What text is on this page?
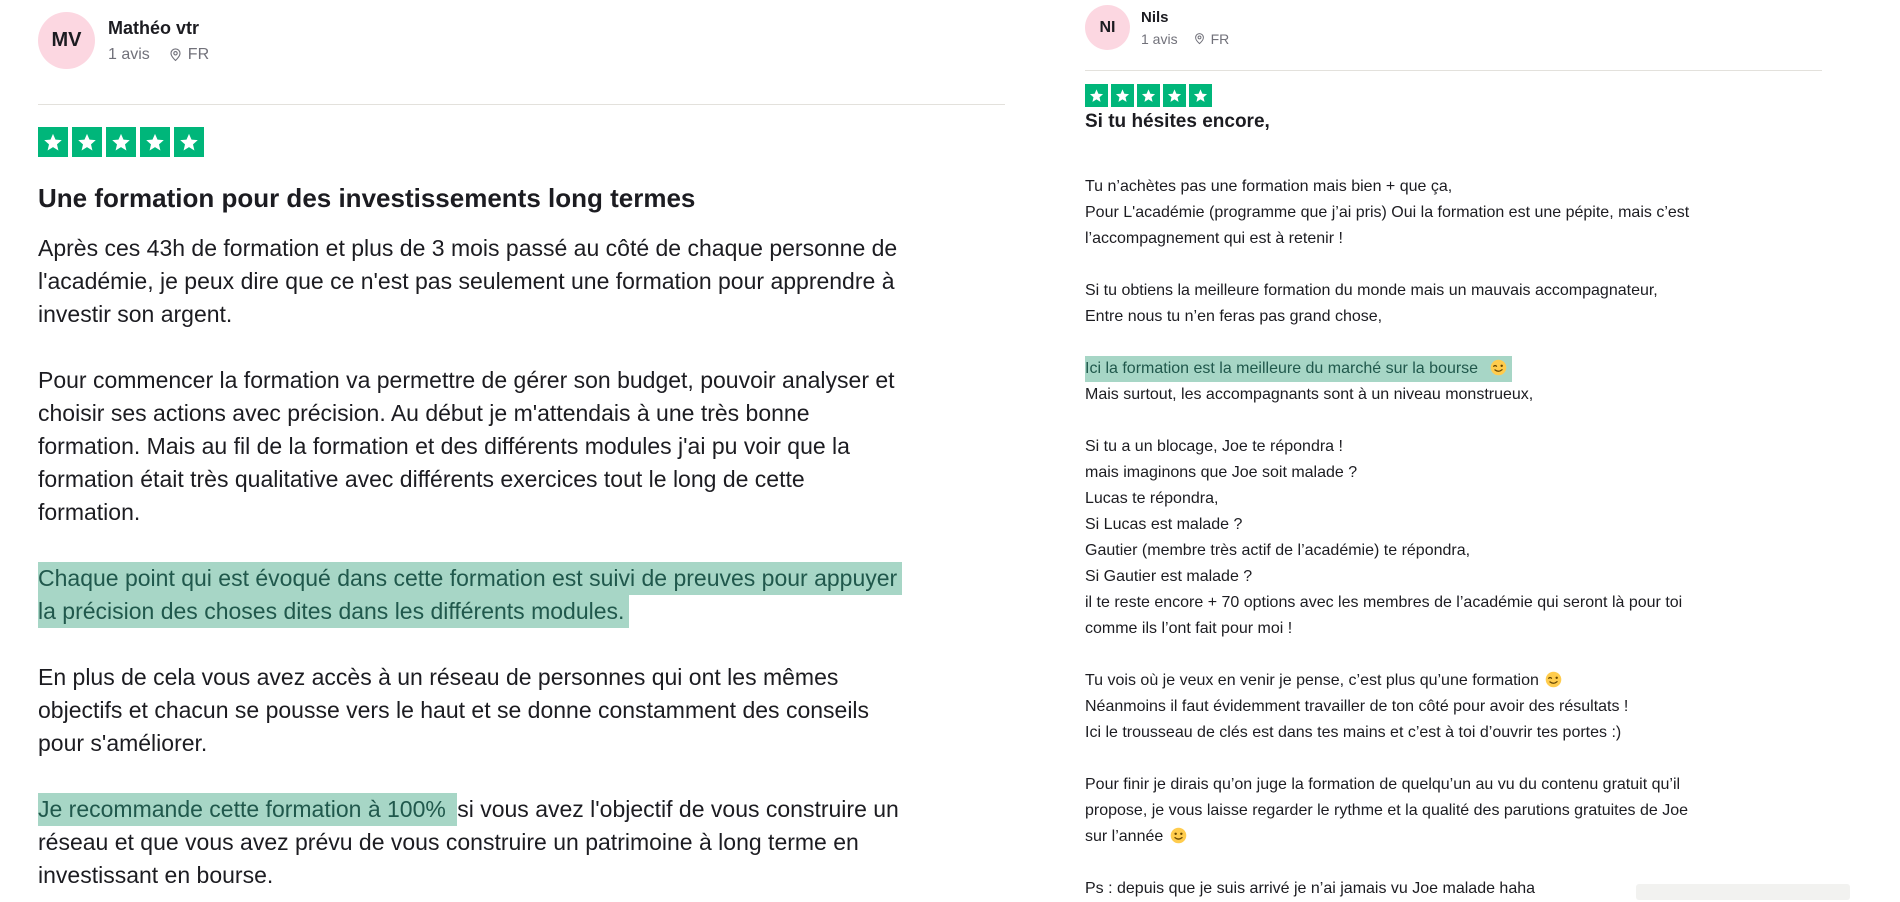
MV
Mathéo vtr
1 avis FR
Une formation pour des investissements long termes
Après ces 43h de formation et plus de 3 mois passé au côté de chaque personne de
l'académie, je peux dire que ce n'est pas seulement une formation pour apprendre à
investir son argent.
Pour commencer la formation va permettre de gérer son budget, pouvoir analyser et
choisir ses actions avec précision. Au début je m'attendais à une très bonne
formation. Mais au fil de la formation et des différents modules j'ai pu voir que la
formation était très qualitative avec différents exercices tout le long de cette
formation.
Chaque point qui est évoqué dans cette formation est suivi de preuves pour appuyer
la précision des choses dites dans les différents modules.
En plus de cela vous avez accès à un réseau de personnes qui ont les mêmes
objectifs et chacun se pousse vers le haut et se donne constamment des conseils
pour s'améliorer.
Je recommande cette formation à 100% si vous avez l'objectif de vous construire un
réseau et que vous avez prévu de vous construire un patrimoine à long terme en
investissant en bourse.
NI
Nils
1 avis FR
Si tu hésites encore,
Tu n’achètes pas une formation mais bien + que ça,
Pour L'académie (programme que j’ai pris) Oui la formation est une pépite, mais c’est
l’accompagnement qui est à retenir !
Si tu obtiens la meilleure formation du monde mais un mauvais accompagnateur,
Entre nous tu n’en feras pas grand chose,
Ici la formation est la meilleure du marché sur la bourse
Mais surtout, les accompagnants sont à un niveau monstrueux,
Si tu a un blocage, Joe te répondra !
mais imaginons que Joe soit malade ?
Lucas te répondra,
Si Lucas est malade ?
Gautier (membre très actif de l’académie) te répondra,
Si Gautier est malade ?
il te reste encore + 70 options avec les membres de l’académie qui seront là pour toi
comme ils l’ont fait pour moi !
Tu vois où je veux en venir je pense, c’est plus qu’une formation
Néanmoins il faut évidemment travailler de ton côté pour avoir des résultats !
Ici le trousseau de clés est dans tes mains et c’est à toi d’ouvrir tes portes :)
Pour finir je dirais qu’on juge la formation de quelqu’un au vu du contenu gratuit qu’il
propose, je vous laisse regarder le rythme et la qualité des parutions gratuites de Joe
sur l’année
Ps : depuis que je suis arrivé je n’ai jamais vu Joe malade haha
